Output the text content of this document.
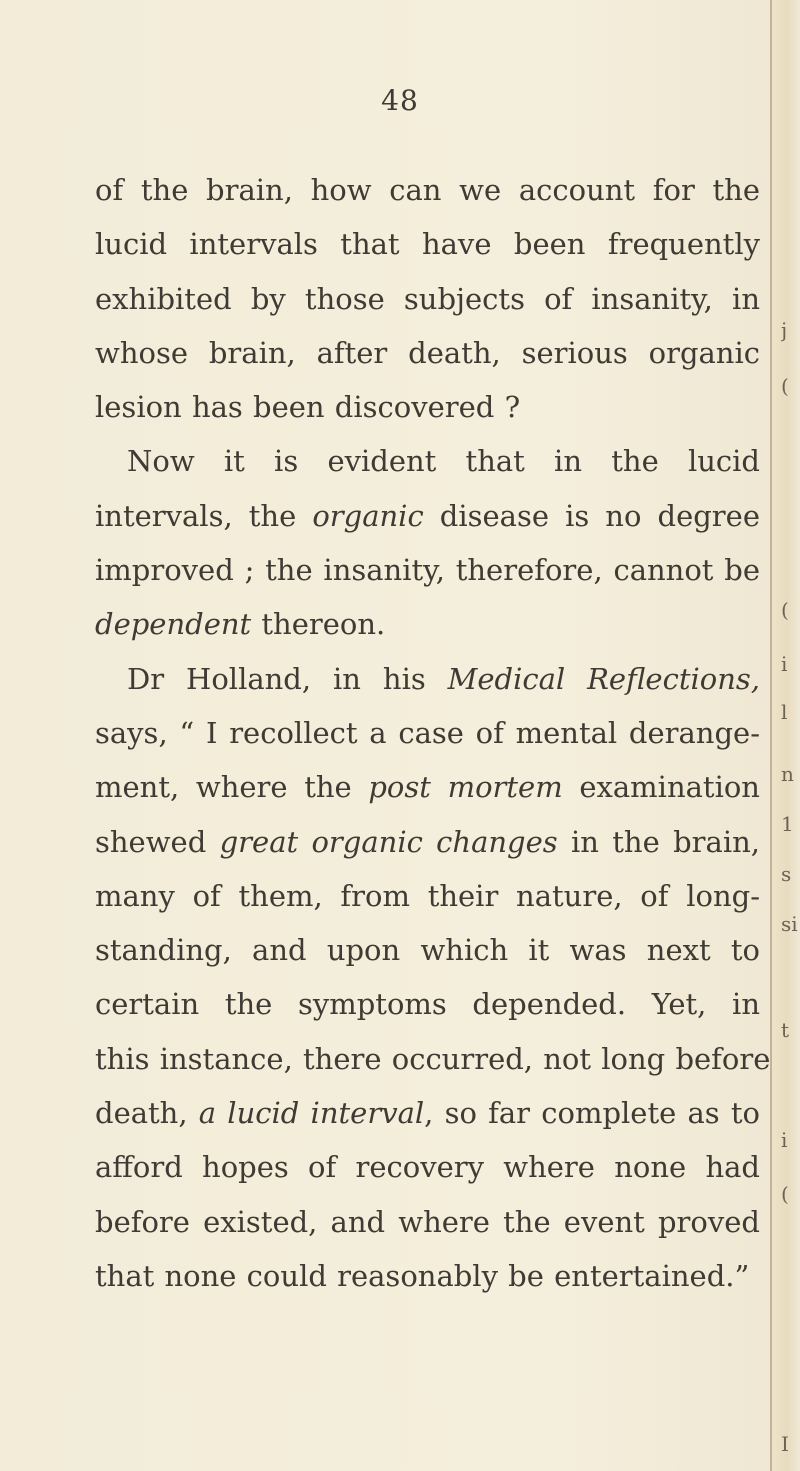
48
of the brain, how can we account for the
lucid intervals that have been frequently
exhibited by those subjects of insanity, in
whose brain, after death, serious organic
lesion has been discovered ?
Now it is evident that in the lucid
intervals, the organic disease is no degree
improved ; the insanity, therefore, cannot be
dependent thereon.
Dr Holland, in his Medical Reflections,
says, “ I recollect a case of mental derange-
ment, where the post mortem examination
shewed great organic changes in the brain,
many of them, from their nature, of long-
standing, and upon which it was next to
certain the symptoms depended. Yet, in
this instance, there occurred, not long before
death, a lucid interval, so far complete as to
afford hopes of recovery where none had
before existed, and where the event proved
that none could reasonably be entertained.”
j
(
(
i
l
n
1
s
si
t
i
(
I
